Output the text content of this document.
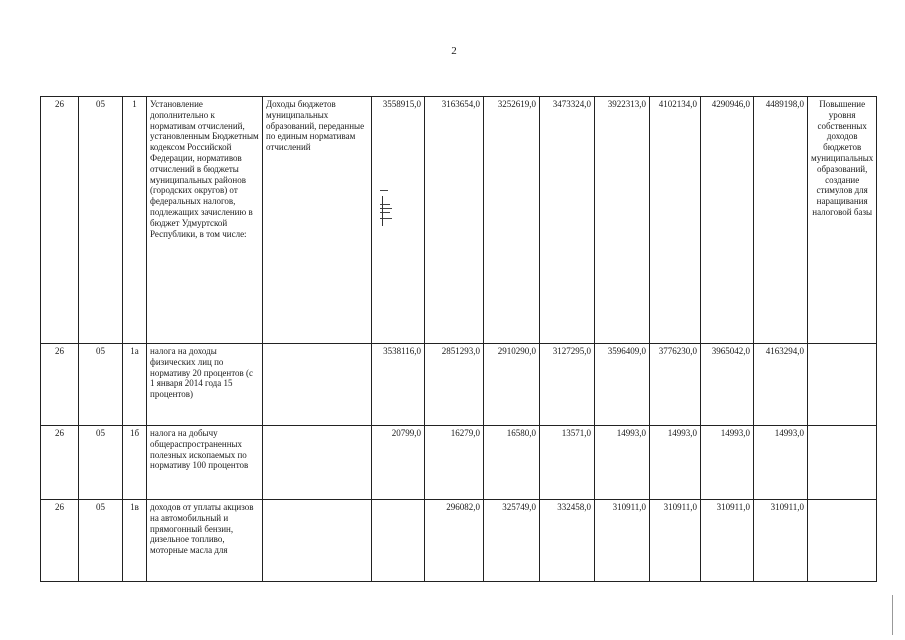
2
26	05	1	Установление дополнительно к нормативам отчислений, установленным Бюджетным кодексом Российской Федерации, нормативов отчислений в бюджеты муниципальных районов (городских округов) от федеральных налогов, подлежащих зачислению в бюджет Удмуртской Республики, в том числе:	Доходы бюджетов муниципальных образований, переданные по единым нормативам отчислений	3558915,0	3163654,0	3252619,0	3473324,0	3922313,0	4102134,0	4290946,0	4489198,0	Повышение уровня собственных доходов бюджетов муниципальных образований, создание стимулов для наращивания налоговой базы
26	05	1а	налога на доходы физических лиц по нормативу 20 процентов (с 1 января 2014 года 15 процентов)		3538116,0	2851293,0	2910290,0	3127295,0	3596409,0	3776230,0	3965042,0	4163294,0	
26	05	1б	налога на добычу общераспространенных полезных ископаемых по нормативу 100 процентов		20799,0	16279,0	16580,0	13571,0	14993,0	14993,0	14993,0	14993,0	
26	05	1в	доходов от уплаты акцизов на автомобильный и прямогонный бензин, дизельное топливо, моторные масла для			296082,0	325749,0	332458,0	310911,0	310911,0	310911,0	310911,0	
